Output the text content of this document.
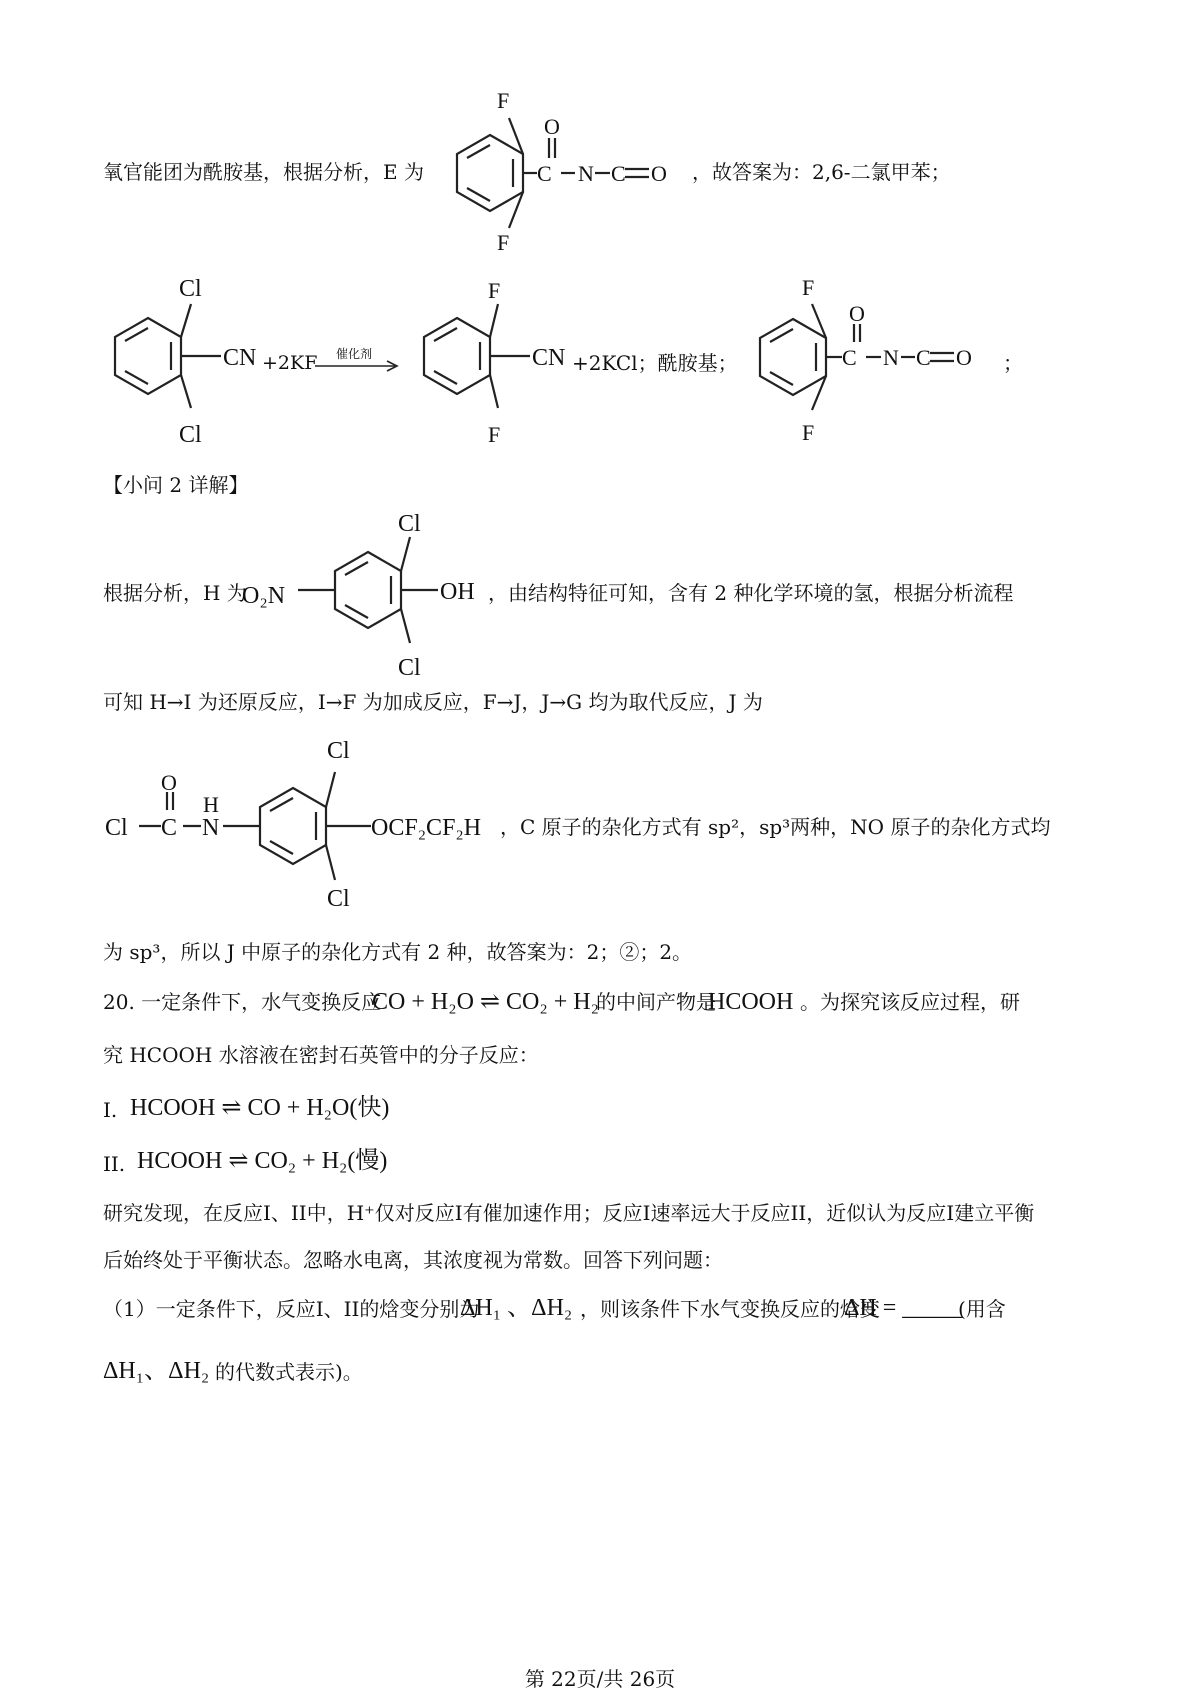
氧官能团为酰胺基，根据分析，E 为
F
F
O
C N C O ，故答案为：2,6-二氯甲苯；
Cl
Cl
CN +2KF 催化剂
F
F
CN +2KCl；酰胺基；
F
F
O
C N C O ；
【小问 2 详解】
根据分析，H 为
Cl
Cl
OH
O₂N	，由结构特征可知，含有 2 种化学环境的氢，根据分析流程
可知 H→I 为还原反应，I→F 为加成反应，F→J，J→G 均为取代反应，J 为
Cl
Cl
OCF₂CF₂H
Cl C
O
H
N	，C 原子的杂化方式有 sp²，sp³两种，NO 原子的杂化方式均
为 sp³，所以 J 中原子的杂化方式有 2 种，故答案为：2；②；2。
20. 一定条件下，水气变换反应
CO + H₂O ⇌ CO₂ + H₂
的中间产物是
HCOOH 。为探究该反应过程，研
究 HCOOH 水溶液在密封石英管中的分子反应：
I. HCOOH ⇌ CO + H₂O(快)
II. HCOOH ⇌ CO₂ + H₂(慢)
研究发现，在反应I、II中，H⁺仅对反应I有催加速作用；反应I速率远大于反应II，近似认为反应I建立平衡
后始终处于平衡状态。忽略水电离，其浓度视为常数。回答下列问题：
（1）一定条件下，反应I、II的焓变分别为
ΔH₁ 、ΔH₂ ，则该条件下水气变换反应的焓变
ΔH = _____
(用含
ΔH₁、ΔH₂ 的代数式表示)。
第 22页/共 26页
